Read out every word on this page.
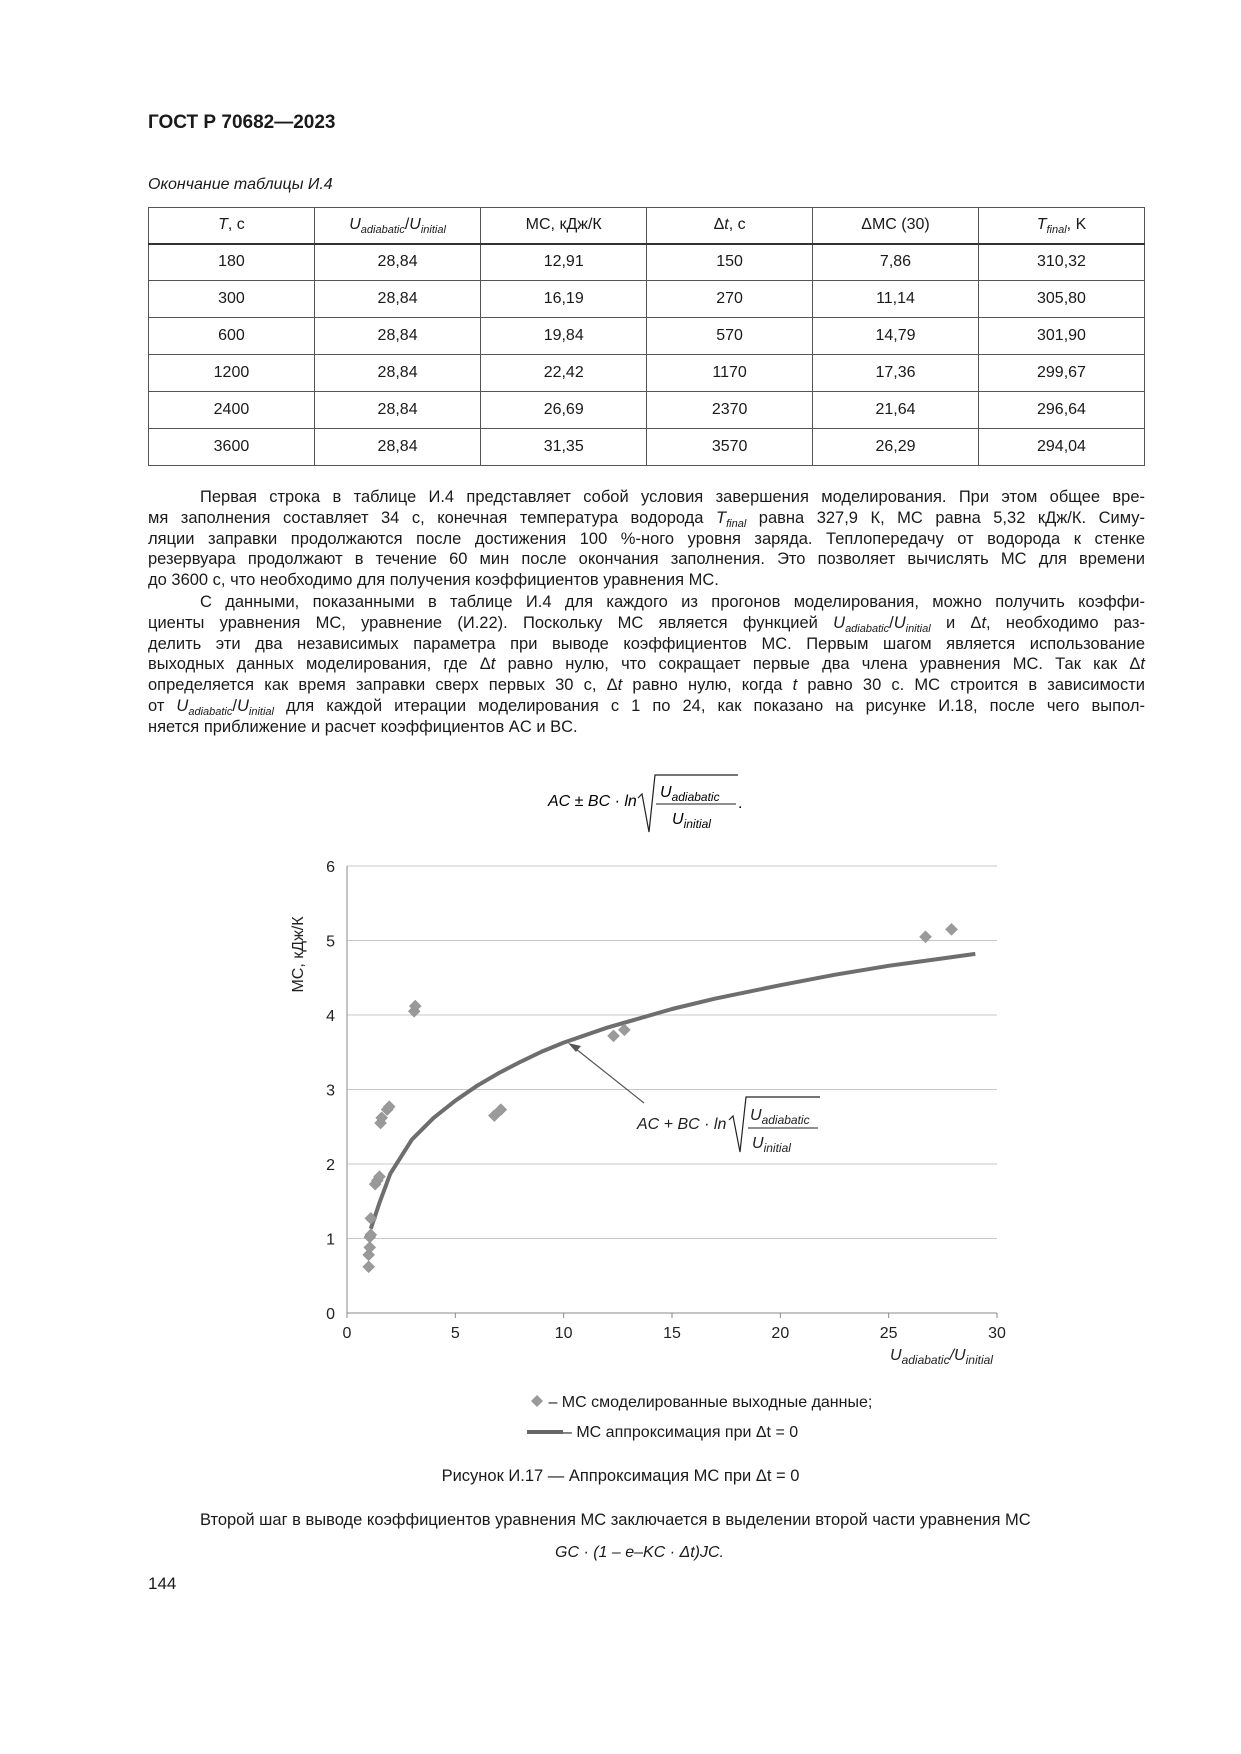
ГОСТ Р 70682—2023
Окончание таблицы И.4
T, с	$U_{adiabatic}/U_{initial}$	MC, кДж/К	Δt, с	ΔMC (30)	$T_{final}$, K
180	28,84	12,91	150	7,86	310,32
300	28,84	16,19	270	11,14	305,80
600	28,84	19,84	570	14,79	301,90
1200	28,84	22,42	1170	17,36	299,67
2400	28,84	26,69	2370	21,64	296,64
3600	28,84	31,35	3570	26,29	294,04
Первая строка в таблице И.4 представляет собой условия завершения моделирования. При этом общее вре-
мя заполнения составляет 34 с, конечная температура водорода $T_{final}$ равна 327,9 К, MC равна 5,32 кДж/К. Симу-
ляции заправки продолжаются после достижения 100 %-ного уровня заряда. Теплопередачу от водорода к стенке
резервуара продолжают в течение 60 мин после окончания заполнения. Это позволяет вычислять MC для времени
до 3600 с, что необходимо для получения коэффициентов уравнения MC.
С данными, показанными в таблице И.4 для каждого из прогонов моделирования, можно получить коэффи-
циенты уравнения MC, уравнение (И.22). Поскольку MC является функцией $U_{adiabatic}/U_{initial}$ и Δt, необходимо раз-
делить эти два независимых параметра при выводе коэффициентов MC. Первым шагом является использование
выходных данных моделирования, где Δt равно нулю, что сокращает первые два члена уравнения MC. Так как Δt
определяется как время заправки сверх первых 30 с, Δt равно нулю, когда t равно 30 с. MC строится в зависимости
от $U_{adiabatic}/U_{initial}$ для каждой итерации моделирования с 1 по 24, как показано на рисунке И.18, после чего выпол-
няется приближение и расчет коэффициентов AC и BC.
AC ± BC · ln
$U_{adiabatic}$
$U_{initial}$
.
0
1
2
3
4
5
6
0	5	10	15	20	25	30
MC, кДж/К
$U_{adiabatic}/U_{initial}$
AC + BC · ln
$U_{adiabatic}$
$U_{initial}$
– MC смоделированные выходные данные;
– MC аппроксимация при Δt = 0
Рисунок И.17 — Аппроксимация MC при Δt = 0
Второй шаг в выводе коэффициентов уравнения MC заключается в выделении второй части уравнения MC
GC · (1 – e–KC · Δt)JC.
144
